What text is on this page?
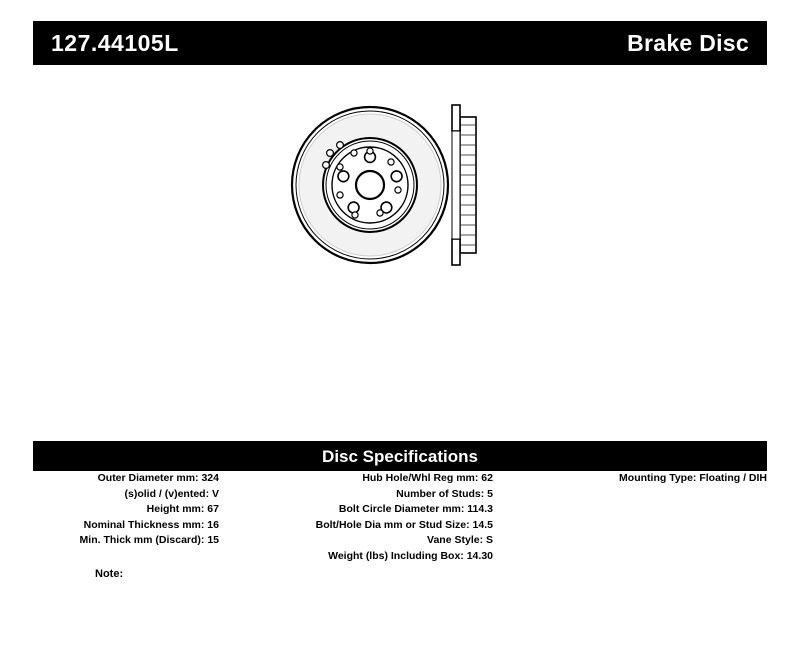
127.44105L	Brake Disc
Disc Specifications
Outer Diameter mm: 324
(s)olid / (v)ented: V
Height mm: 67
Nominal Thickness mm: 16
Min. Thick mm (Discard): 15
Hub Hole/Whl Reg mm: 62
Number of Studs: 5
Bolt Circle Diameter mm: 114.3
Bolt/Hole Dia mm or Stud Size: 14.5
Vane Style: S
Weight (lbs) Including Box: 14.30
Mounting Type: Floating / DIH
Note:
